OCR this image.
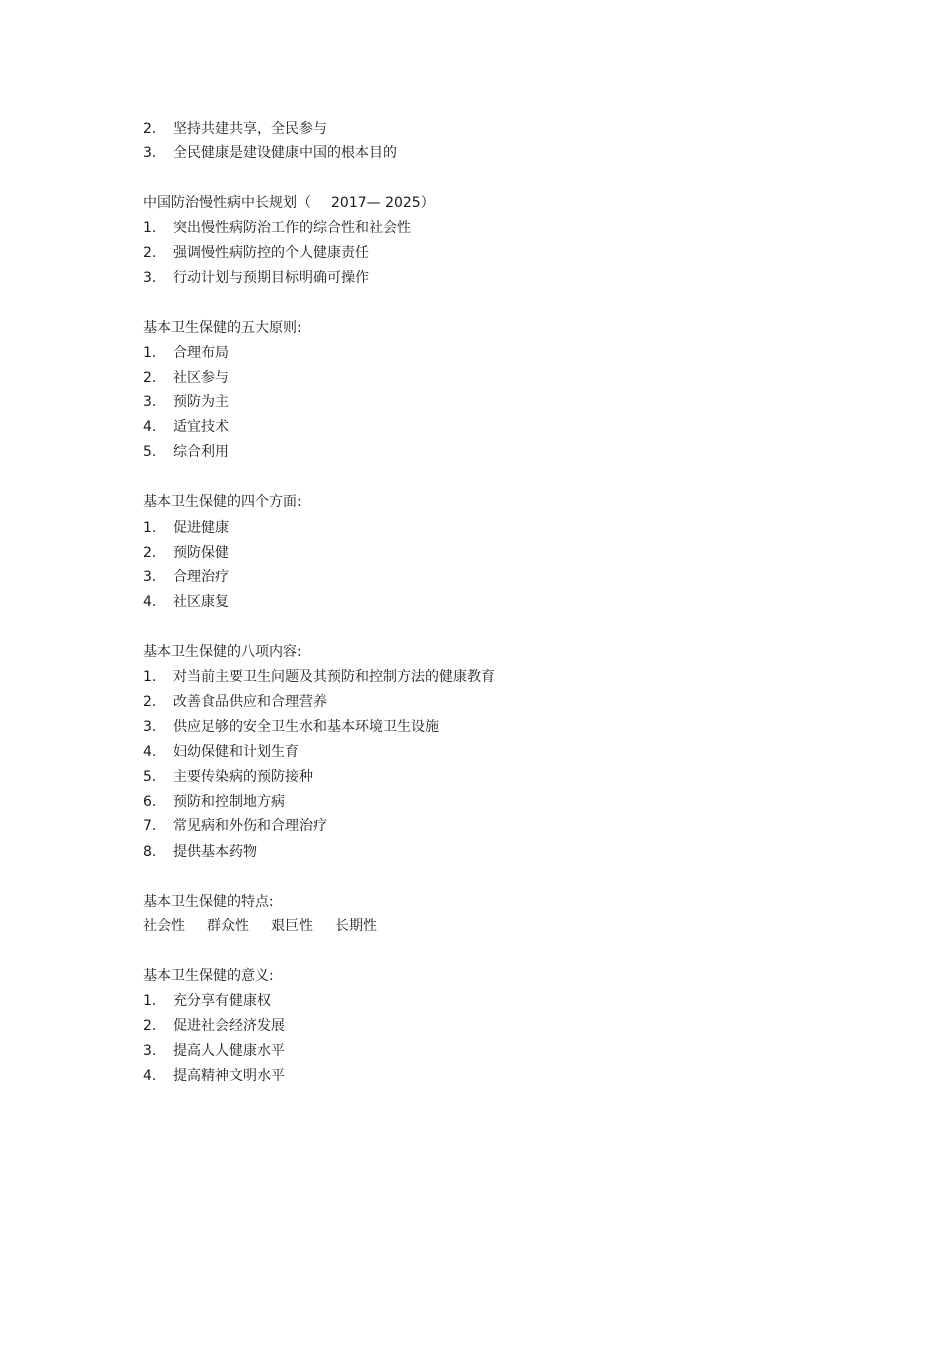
2. 坚持共建共享，全民参与
3. 全民健康是建设健康中国的根本目的
中国防治慢性病中长规划（ 2017— 2025）
1. 突出慢性病防治工作的综合性和社会性
2. 强调慢性病防控的个人健康责任
3. 行动计划与预期目标明确可操作
基本卫生保健的五大原则:
1. 合理布局
2. 社区参与
3. 预防为主
4. 适宜技术
5. 综合利用
基本卫生保健的四个方面:
1. 促进健康
2. 预防保健
3. 合理治疗
4. 社区康复
基本卫生保健的八项内容:
1. 对当前主要卫生问题及其预防和控制方法的健康教育
2. 改善食品供应和合理营养
3. 供应足够的安全卫生水和基本环境卫生设施
4. 妇幼保健和计划生育
5. 主要传染病的预防接种
6. 预防和控制地方病
7. 常见病和外伤和合理治疗
8. 提供基本药物
基本卫生保健的特点:
社会性 群众性 艰巨性 长期性
基本卫生保健的意义:
1. 充分享有健康权
2. 促进社会经济发展
3. 提高人人健康水平
4. 提高精神文明水平
